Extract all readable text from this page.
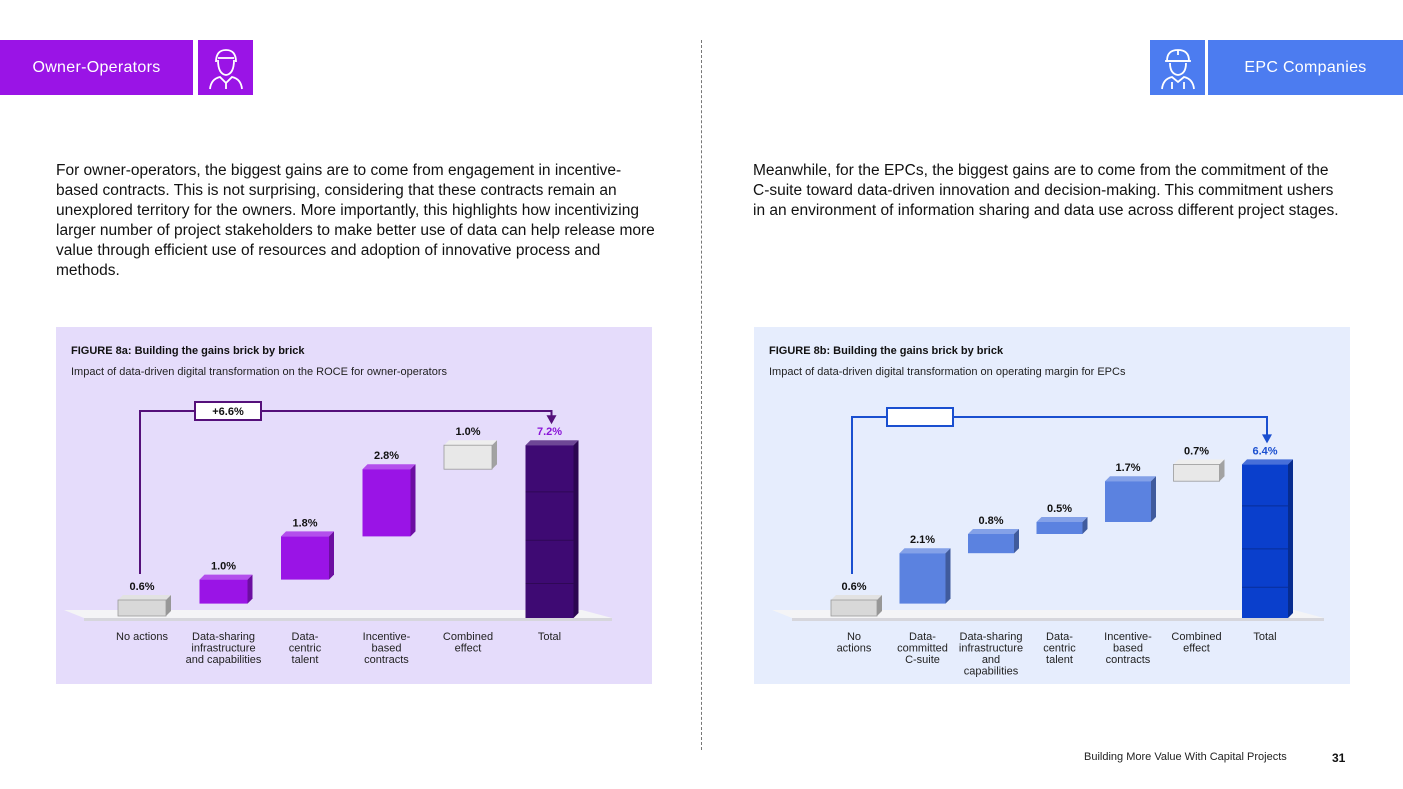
Owner-Operators	EPC Companies

For owner-operators, the biggest gains are to come from engagement in incentive-based contracts. This is not surprising, considering that these contracts remain an unexplored territory for the owners. More importantly, this highlights how incentivizing larger number of project stakeholders to make better use of data can help release more value through efficient use of resources and adoption of innovative process and methods.

Meanwhile, for the EPCs, the biggest gains are to come from the commitment of the C-suite toward data-driven innovation and decision-making. This commitment ushers in an environment of information sharing and data use across different project stages.

FIGURE 8a: Building the gains brick by brick
Impact of data-driven digital transformation on the ROCE for owner-operators
0.6%
No actions
1.0%
Data-sharing
infrastructure
and capabilities
1.8%
Data-
centric
talent
2.8%
Incentive-
based
contracts
1.0%
Combined
effect
7.2%
Total
+6.6%
FIGURE 8b: Building the gains brick by brick
Impact of data-driven digital transformation on operating margin for EPCs
0.6%
No
actions
2.1%
Data-
committed
C-suite
0.8%
Data-sharing
infrastructure
and
capabilities
0.5%
Data-
centric
talent
1.7%
Incentive-
based
contracts
0.7%
Combined
effect
6.4%
Total
Building More Value With Capital Projects	31
